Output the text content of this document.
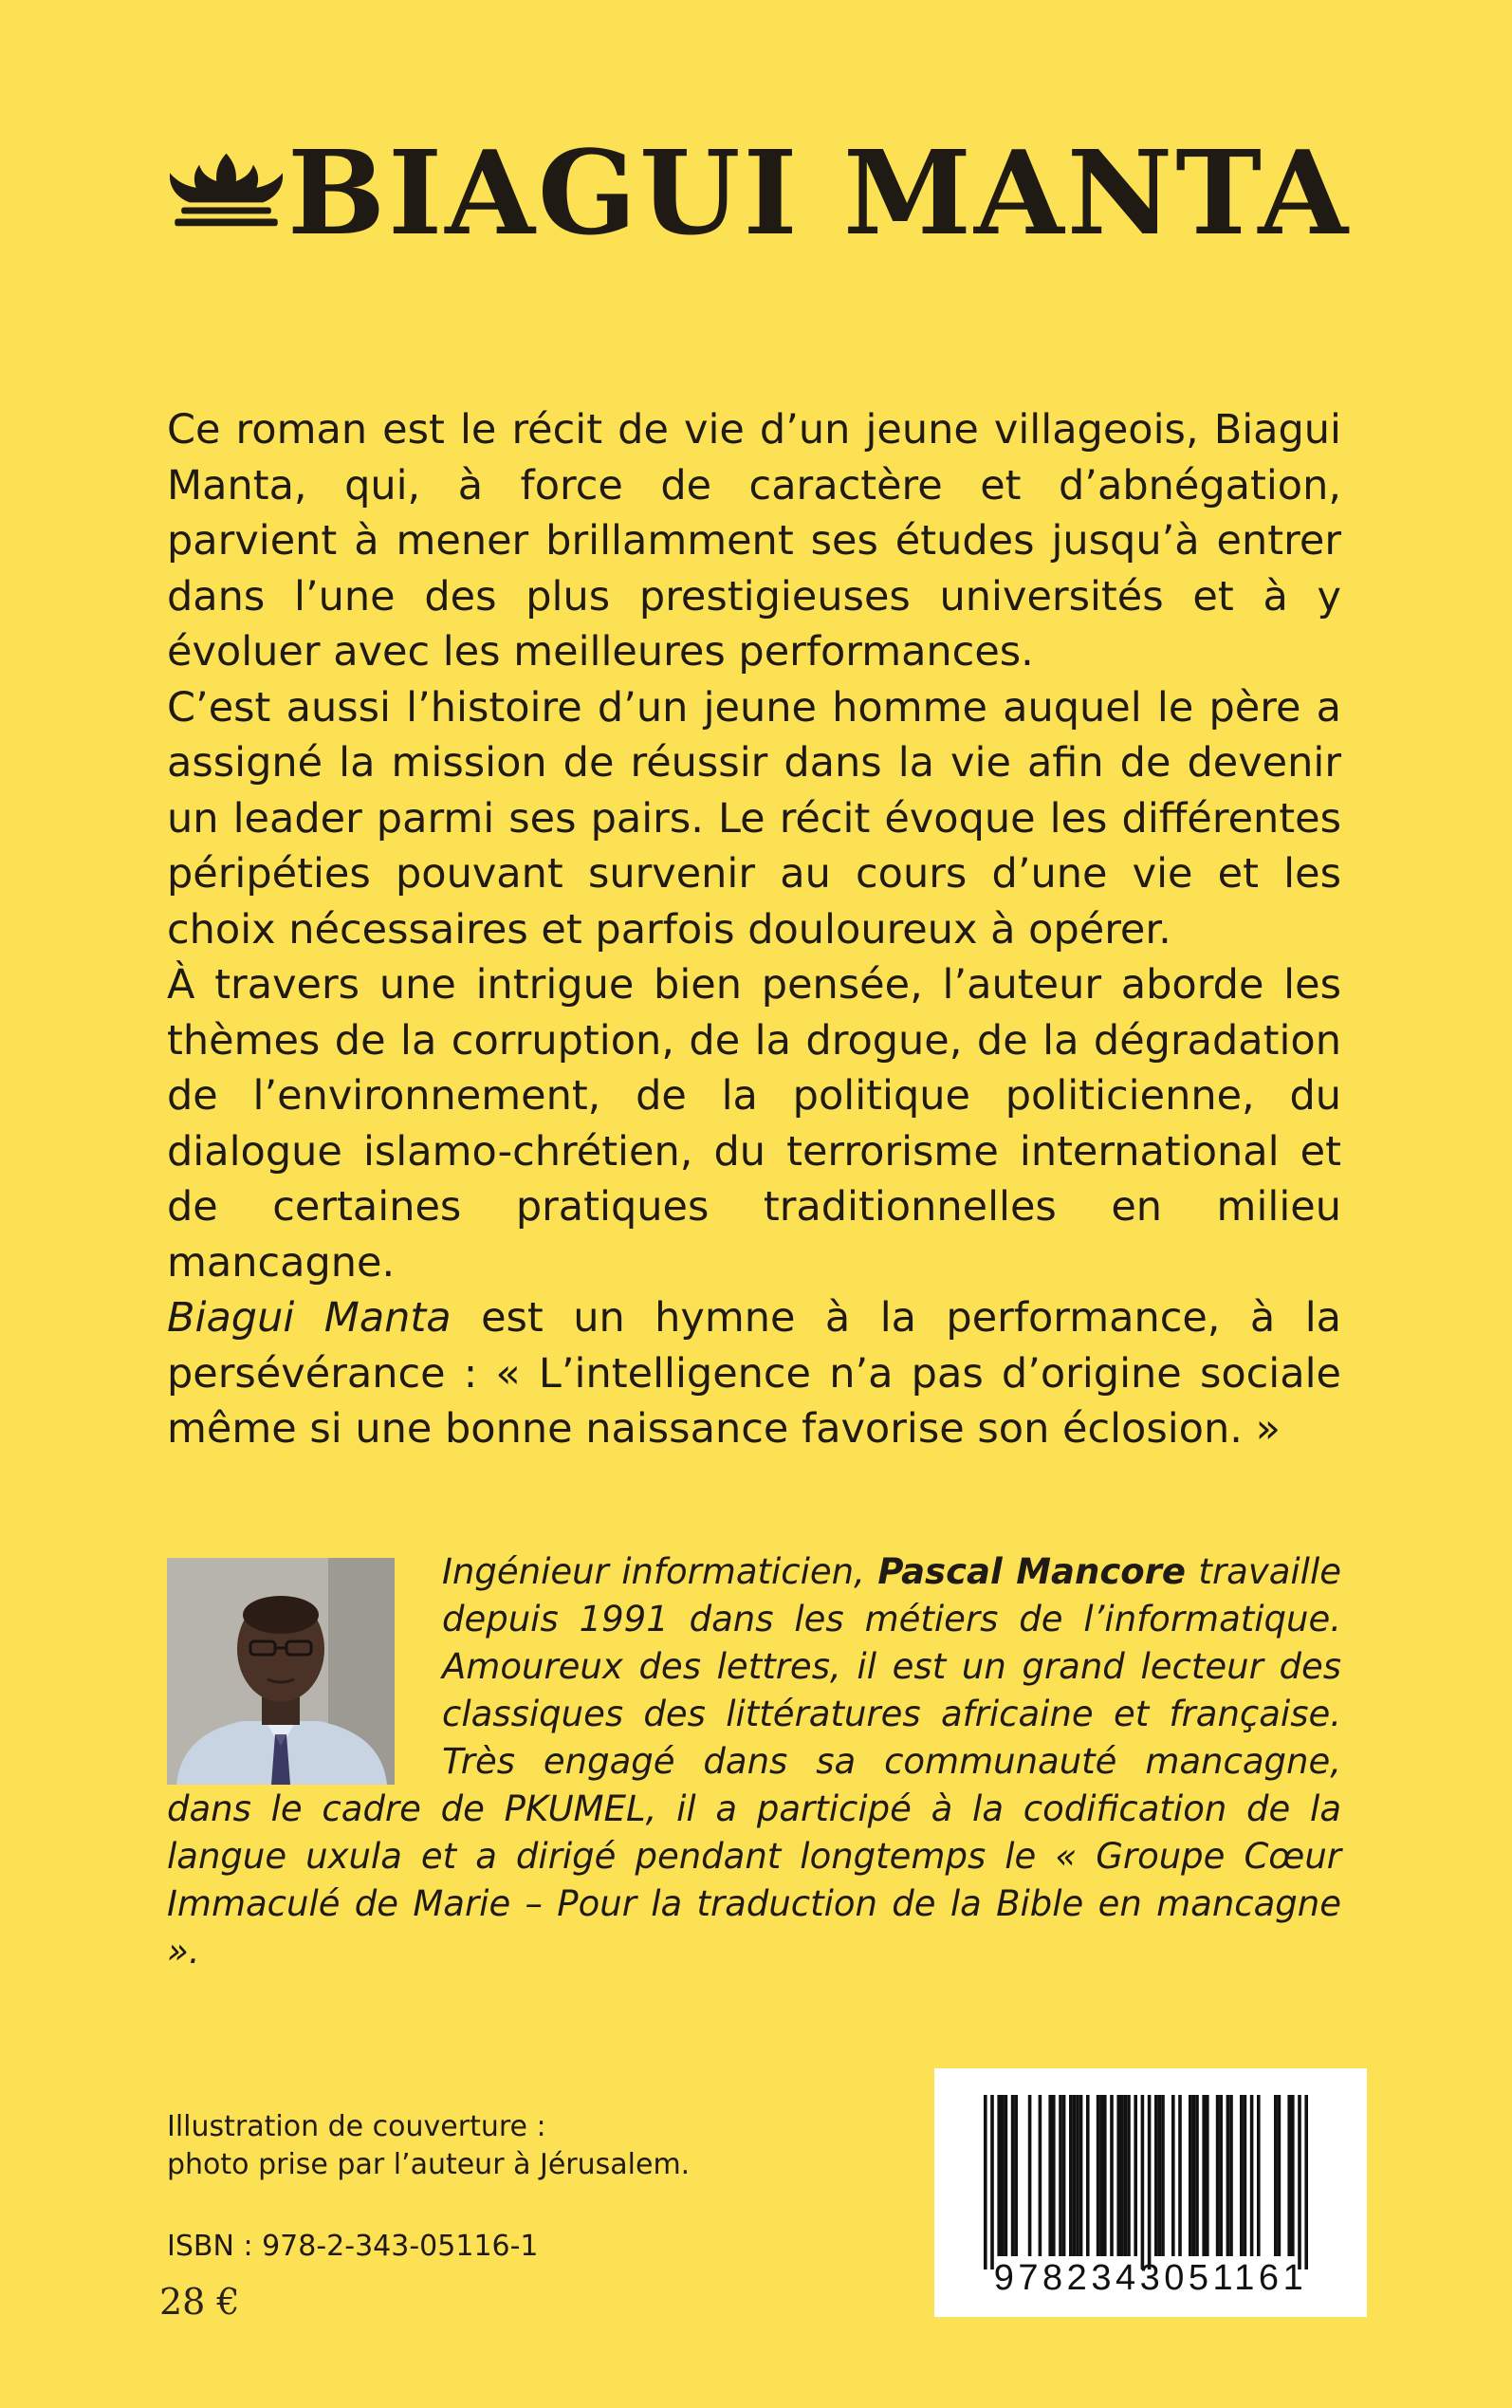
BIAGUI MANTA

Ce roman est le récit de vie d’un jeune villageois, Biagui Manta, qui, à force de caractère et d’abnégation, parvient à mener brillamment ses études jusqu’à entrer dans l’une des plus prestigieuses universités et à y évoluer avec les meilleures performances.

C’est aussi l’histoire d’un jeune homme auquel le père a assigné la mission de réussir dans la vie afin de devenir un leader parmi ses pairs. Le récit évoque les différentes péripéties pouvant survenir au cours d’une vie et les choix nécessaires et parfois douloureux à opérer.

À travers une intrigue bien pensée, l’auteur aborde les thèmes de la corruption, de la drogue, de la dégradation de l’environnement, de la politique politicienne, du dialogue islamo-chrétien, du terrorisme international et de certaines pratiques traditionnelles en milieu mancagne.

Biagui Manta est un hymne à la performance, à la persévérance : « L’intelligence n’a pas d’origine sociale même si une bonne naissance favorise son éclosion. »

Ingénieur informaticien, Pascal Mancore travaille depuis 1991 dans les métiers de l’informatique. Amoureux des lettres, il est un grand lecteur des classiques des littératures africaine et française. Très engagé dans sa communauté mancagne, dans le cadre de PKUMEL, il a participé à la codification de la langue uxula et a dirigé pendant longtemps le « Groupe Cœur Immaculé de Marie – Pour la traduction de la Bible en mancagne ».
Illustration de couverture :
photo prise par l’auteur à Jérusalem.
ISBN : 978-2-343-05116-1
28 €
9782343051161
